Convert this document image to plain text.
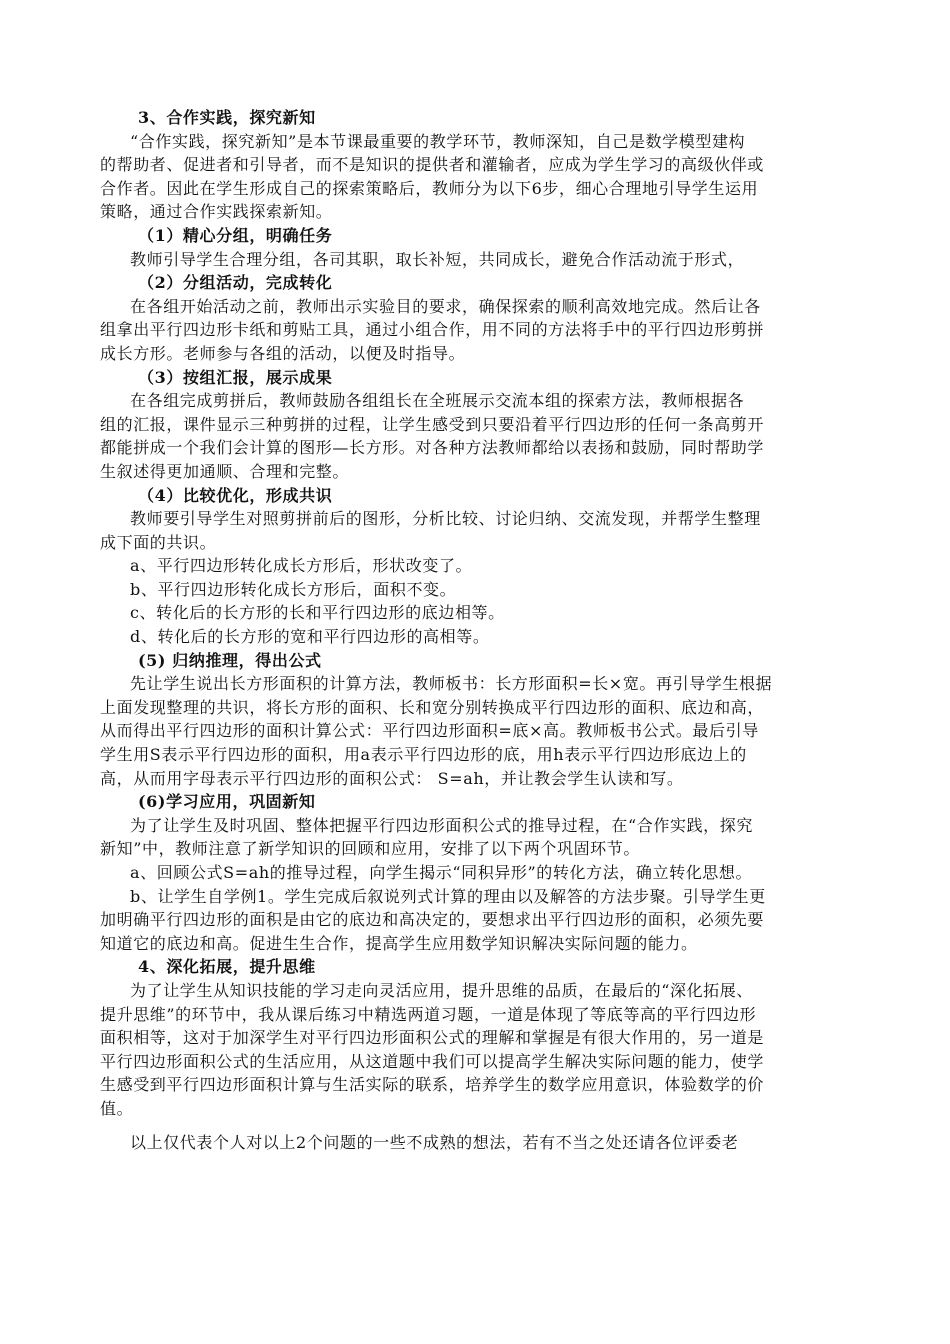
3、合作实践，探究新知
“合作实践，探究新知”是本节课最重要的教学环节，教师深知，自己是数学模型建构
的帮助者、促进者和引导者，而不是知识的提供者和灌输者，应成为学生学习的高级伙伴或
合作者。因此在学生形成自己的探索策略后，教师分为以下6步，细心合理地引导学生运用
策略，通过合作实践探索新知。
（1）精心分组，明确任务
教师引导学生合理分组，各司其职，取长补短，共同成长，避免合作活动流于形式，
（2）分组活动，完成转化
在各组开始活动之前，教师出示实验目的要求，确保探索的顺利高效地完成。然后让各
组拿出平行四边形卡纸和剪贴工具，通过小组合作，用不同的方法将手中的平行四边形剪拼
成长方形。老师参与各组的活动，以便及时指导。
（3）按组汇报，展示成果
在各组完成剪拼后，教师鼓励各组组长在全班展示交流本组的探索方法，教师根据各
组的汇报，课件显示三种剪拼的过程，让学生感受到只要沿着平行四边形的任何一条高剪开
都能拼成一个我们会计算的图形—长方形。对各种方法教师都给以表扬和鼓励，同时帮助学
生叙述得更加通顺、合理和完整。
（4）比较优化，形成共识
教师要引导学生对照剪拼前后的图形，分析比较、讨论归纳、交流发现，并帮学生整理
成下面的共识。
a、平行四边形转化成长方形后，形状改变了。
b、平行四边形转化成长方形后，面积不变。
c、转化后的长方形的长和平行四边形的底边相等。
d、转化后的长方形的宽和平行四边形的高相等。
(5) 归纳推理，得出公式
先让学生说出长方形面积的计算方法，教师板书：长方形面积=长×宽。再引导学生根据
上面发现整理的共识，将长方形的面积、长和宽分别转换成平行四边形的面积、底边和高，
从而得出平行四边形的面积计算公式：平行四边形面积=底×高。教师板书公式。最后引导
学生用S表示平行四边形的面积，用a表示平行四边形的底，用h表示平行四边形底边上的
高，从而用字母表示平行四边形的面积公式： S=ah，并让教会学生认读和写。
(6)学习应用，巩固新知
为了让学生及时巩固、整体把握平行四边形面积公式的推导过程，在“合作实践，探究
新知”中，教师注意了新学知识的回顾和应用，安排了以下两个巩固环节。
a、回顾公式S=ah的推导过程，向学生揭示“同积异形”的转化方法，确立转化思想。
b、让学生自学例1。学生完成后叙说列式计算的理由以及解答的方法步聚。引导学生更
加明确平行四边形的面积是由它的底边和高决定的，要想求出平行四边形的面积，必须先要
知道它的底边和高。促进生生合作，提高学生应用数学知识解决实际问题的能力。
4、深化拓展，提升思维
为了让学生从知识技能的学习走向灵活应用，提升思维的品质，在最后的“深化拓展、
提升思维”的环节中，我从课后练习中精选两道习题，一道是体现了等底等高的平行四边形
面积相等，这对于加深学生对平行四边形面积公式的理解和掌握是有很大作用的，另一道是
平行四边形面积公式的生活应用，从这道题中我们可以提高学生解决实际问题的能力，使学
生感受到平行四边形面积计算与生活实际的联系，培养学生的数学应用意识，体验数学的价
值。
以上仅代表个人对以上2个问题的一些不成熟的想法，若有不当之处还请各位评委老
